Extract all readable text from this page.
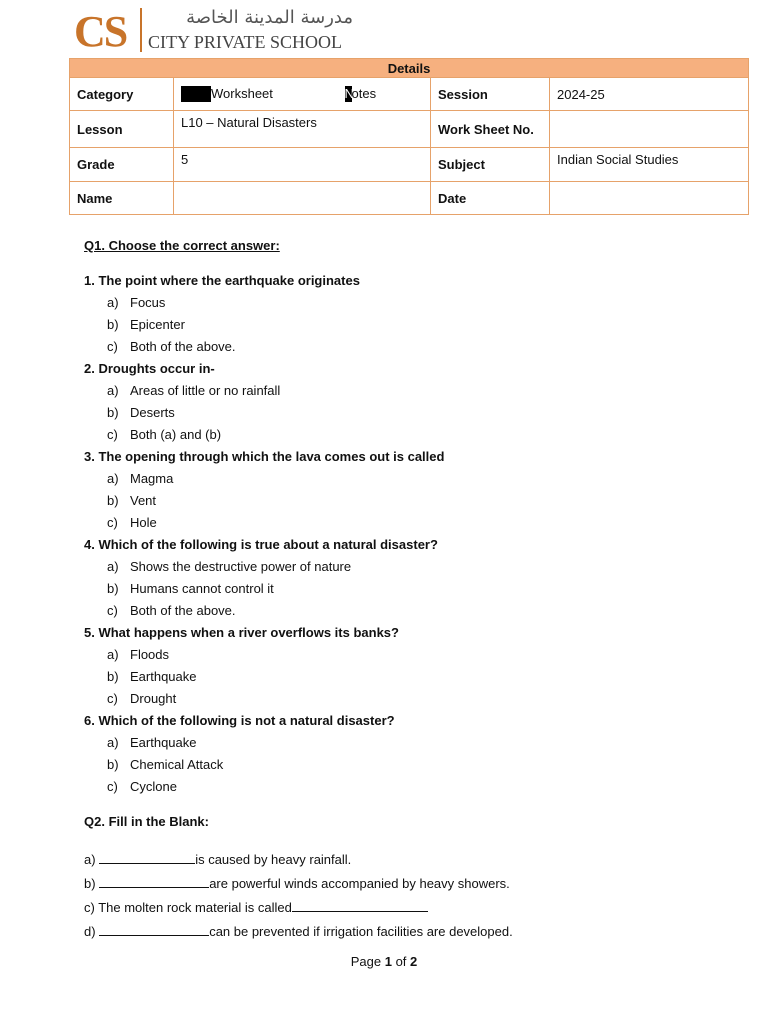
CS	مدرسة المدينة الخاصة
CITY PRIVATE SCHOOL
Details			
Category	Worksheet Notes	Session	2024-25
Lesson	L10 – Natural Disasters	Work Sheet No.	
Grade	5	Subject	Indian Social Studies
Name		Date	
Q1. Choose the correct answer:
1. The point where the earthquake originates
a) Focus
b) Epicenter
c) Both of the above.
2. Droughts occur in-
a) Areas of little or no rainfall
b) Deserts
c) Both (a) and (b)
3. The opening through which the lava comes out is called
a) Magma
b) Vent
c) Hole
4. Which of the following is true about a natural disaster?
a) Shows the destructive power of nature
b) Humans cannot control it
c) Both of the above.
5. What happens when a river overflows its banks?
a) Floods
b) Earthquake
c) Drought
6. Which of the following is not a natural disaster?
a) Earthquake
b) Chemical Attack
c) Cyclone
Q2. Fill in the Blank:
a)	is caused by heavy rainfall.
b)	are powerful winds accompanied by heavy showers.
c) The molten rock material is called
d)	can be prevented if irrigation facilities are developed.
Page 1 of 2
